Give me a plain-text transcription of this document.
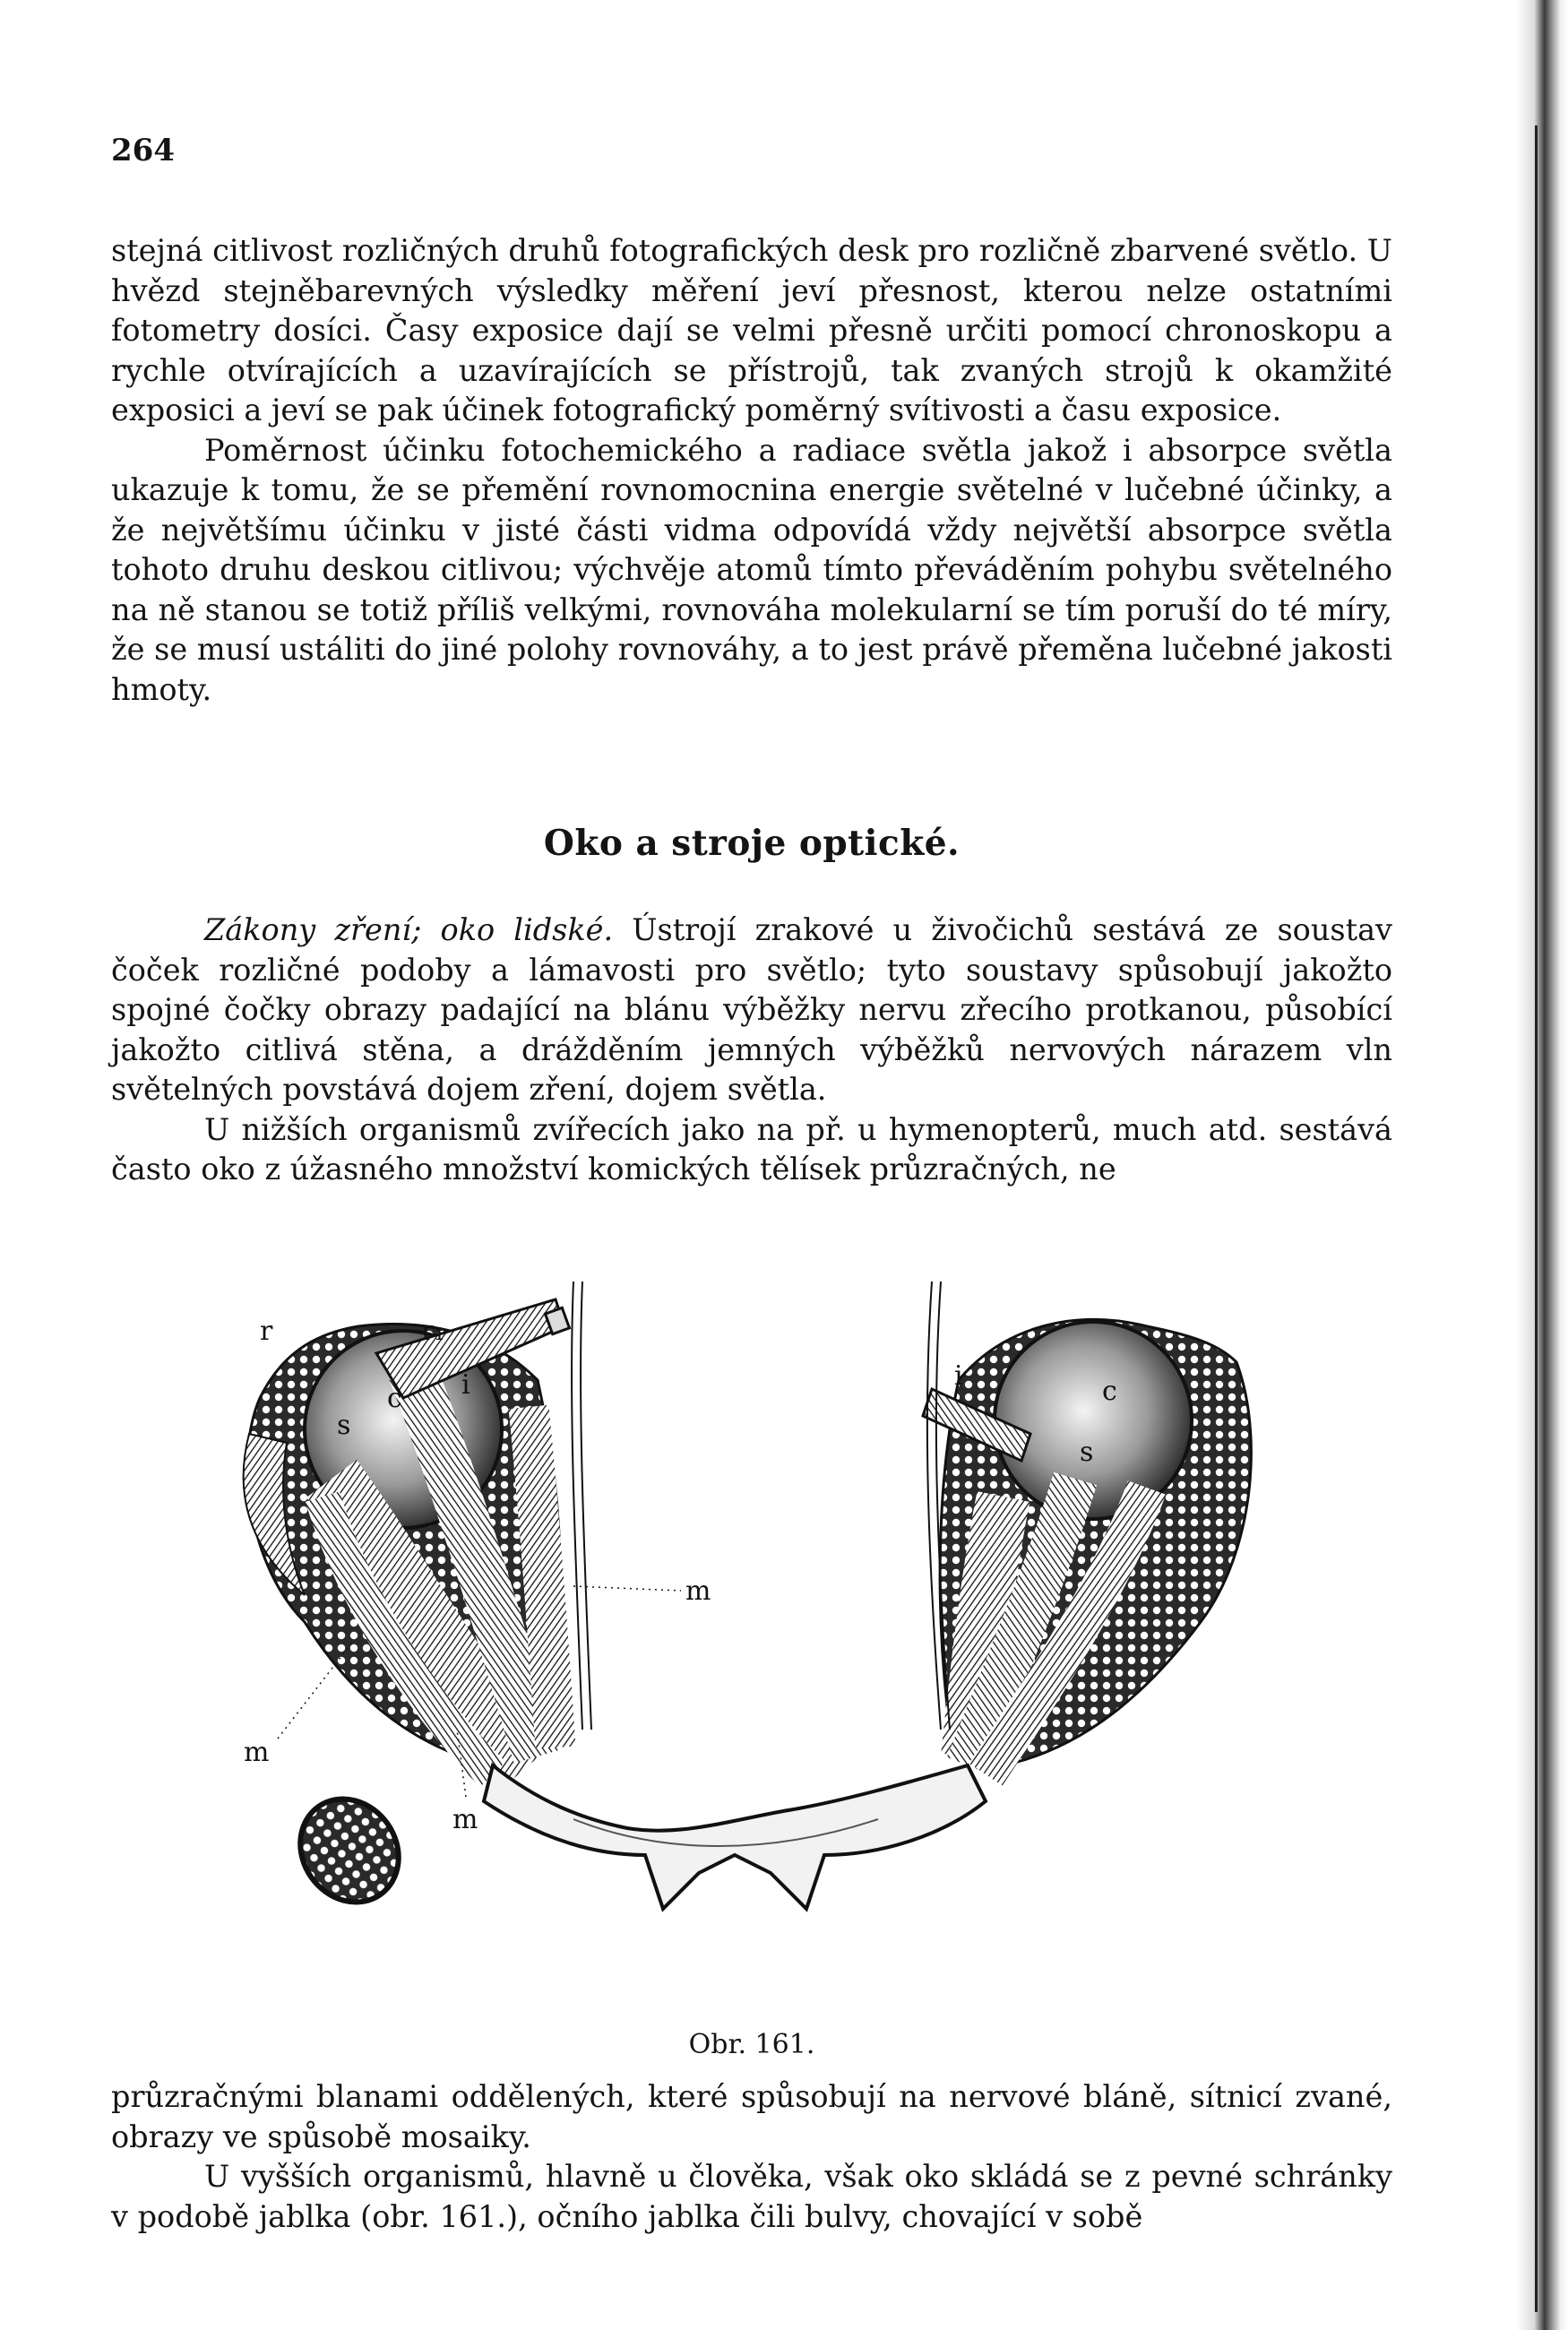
264

stejná citlivost rozličných druhů fotografických desk pro rozličně zbarvené světlo. U hvězd stejněbarevných výsledky měření jeví přesnost, kterou nelze ostatními fotometry dosíci. Časy exposice dají se velmi přesně určiti pomocí chronoskopu a rychle otvírajících a uzavírajících se přístrojů, tak zvaných strojů k okamžité exposici a jeví se pak účinek fotografický poměrný svítivosti a času exposice.

Poměrnost účinku fotochemického a radiace světla jakož i absorpce světla ukazuje k tomu, že se přemění rovnomocnina energie světelné v lučebné účinky, a že největšímu účinku v jisté části vidma odpovídá vždy největší absorpce světla tohoto druhu deskou citlivou; výchvěje atomů tímto převáděním pohybu světelného na ně stanou se totiž příliš velkými, rovnováha molekularní se tím poruší do té míry, že se musí ustáliti do jiné polohy rovnováhy, a to jest právě přeměna lučebné jakosti hmoty.

Oko a stroje optické.

Zákony zření; oko lidské. Ústrojí zrakové u živočichů sestává ze soustav čoček rozličné podoby a lámavosti pro světlo; tyto soustavy spůsobují jakožto spojné čočky obrazy padající na blánu výběžky nervu zřecího protkanou, působící jakožto citlivá stěna, a drážděním jemných výběžků nervových nárazem vln světelných povstává dojem zření, dojem světla.

U nižších organismů zvířecích jako na př. u hymenopterů, much atd. sestává často oko z úžasného množství komických tělísek průzračných, ne

r	r₁
s
s
i	i
c	c
m
m
m
Obr. 161.

průzračnými blanami oddělených, které spůsobují na nervové bláně, sítnicí zvané, obrazy ve spůsobě mosaiky.

U vyšších organismů, hlavně u člověka, však oko skládá se z pevné schránky v podobě jablka (obr. 161.), očního jablka čili bulvy, chovající v sobě
